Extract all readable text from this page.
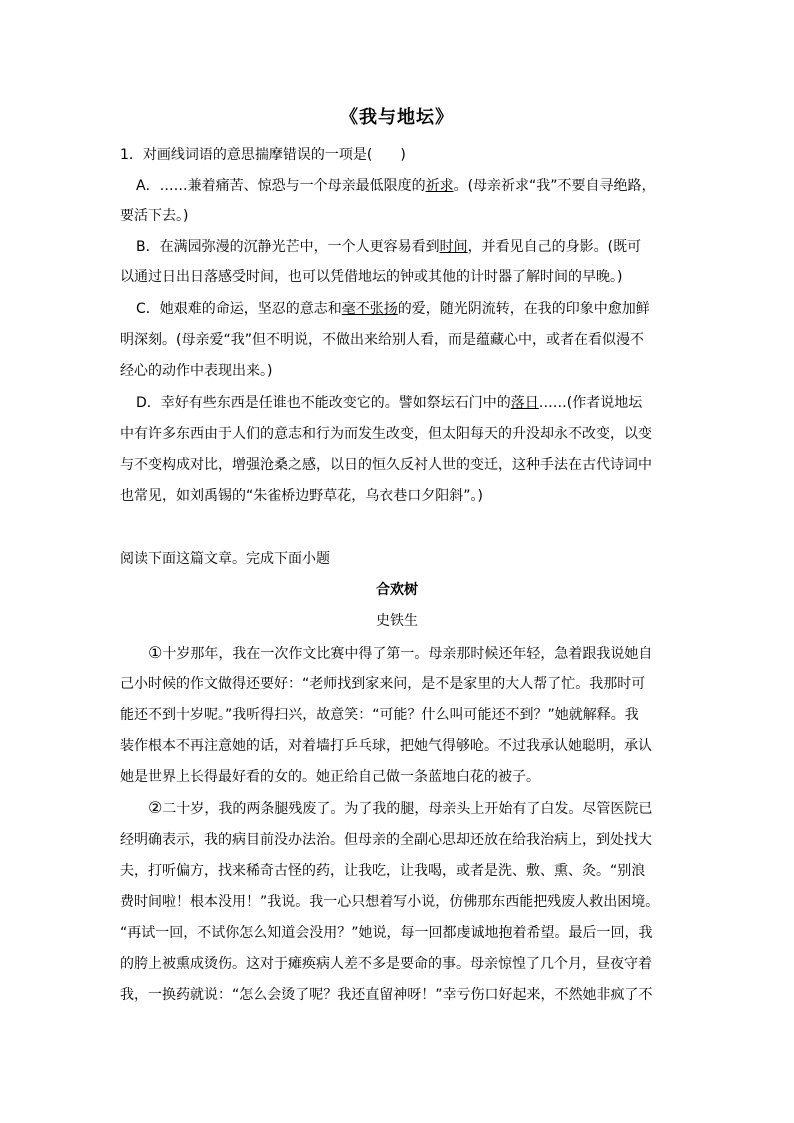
《我与地坛》
1．对画线词语的意思揣摩错误的一项是(　　)
A．……兼着痛苦、惊恐与一个母亲最低限度的祈求。(母亲祈求“我”不要自寻绝路，
要活下去。)
B．在满园弥漫的沉静光芒中，一个人更容易看到时间，并看见自己的身影。(既可
以通过日出日落感受时间，也可以凭借地坛的钟或其他的计时器了解时间的早晚。)
C．她艰难的命运，坚忍的意志和毫不张扬的爱，随光阴流转，在我的印象中愈加鲜
明深刻。(母亲爱“我”但不明说，不做出来给别人看，而是蕴藏心中，或者在看似漫不
经心的动作中表现出来。)
D．幸好有些东西是任谁也不能改变它的。譬如祭坛石门中的落日……(作者说地坛
中有许多东西由于人们的意志和行为而发生改变，但太阳每天的升没却永不改变，以变
与不变构成对比，增强沧桑之感，以日的恒久反衬人世的变迁，这种手法在古代诗词中
也常见，如刘禹锡的“朱雀桥边野草花，乌衣巷口夕阳斜”。)
阅读下面这篇文章。完成下面小题
合欢树
史铁生
①十岁那年，我在一次作文比赛中得了第一。母亲那时候还年轻，急着跟我说她自
己小时候的作文做得还要好：“老师找到家来问，是不是家里的大人帮了忙。我那时可
能还不到十岁呢。”我听得扫兴，故意笑：“可能？什么叫可能还不到？”她就解释。我
装作根本不再注意她的话，对着墙打乒乓球，把她气得够呛。不过我承认她聪明，承认
她是世界上长得最好看的女的。她正给自己做一条蓝地白花的被子。
②二十岁，我的两条腿残废了。为了我的腿，母亲头上开始有了白发。尽管医院已
经明确表示，我的病目前没办法治。但母亲的全副心思却还放在给我治病上，到处找大
夫，打听偏方，找来稀奇古怪的药，让我吃，让我喝，或者是洗、敷、熏、灸。“别浪
费时间啦！根本没用！”我说。我一心只想着写小说，仿佛那东西能把残废人救出困境。
“再试一回，不试你怎么知道会没用？”她说，每一回都虔诚地抱着希望。最后一回，我
的胯上被熏成烫伤。这对于瘫痪病人差不多是要命的事。母亲惊惶了几个月，昼夜守着
我，一换药就说：“怎么会烫了呢？我还直留神呀！”幸亏伤口好起来，不然她非疯了不
